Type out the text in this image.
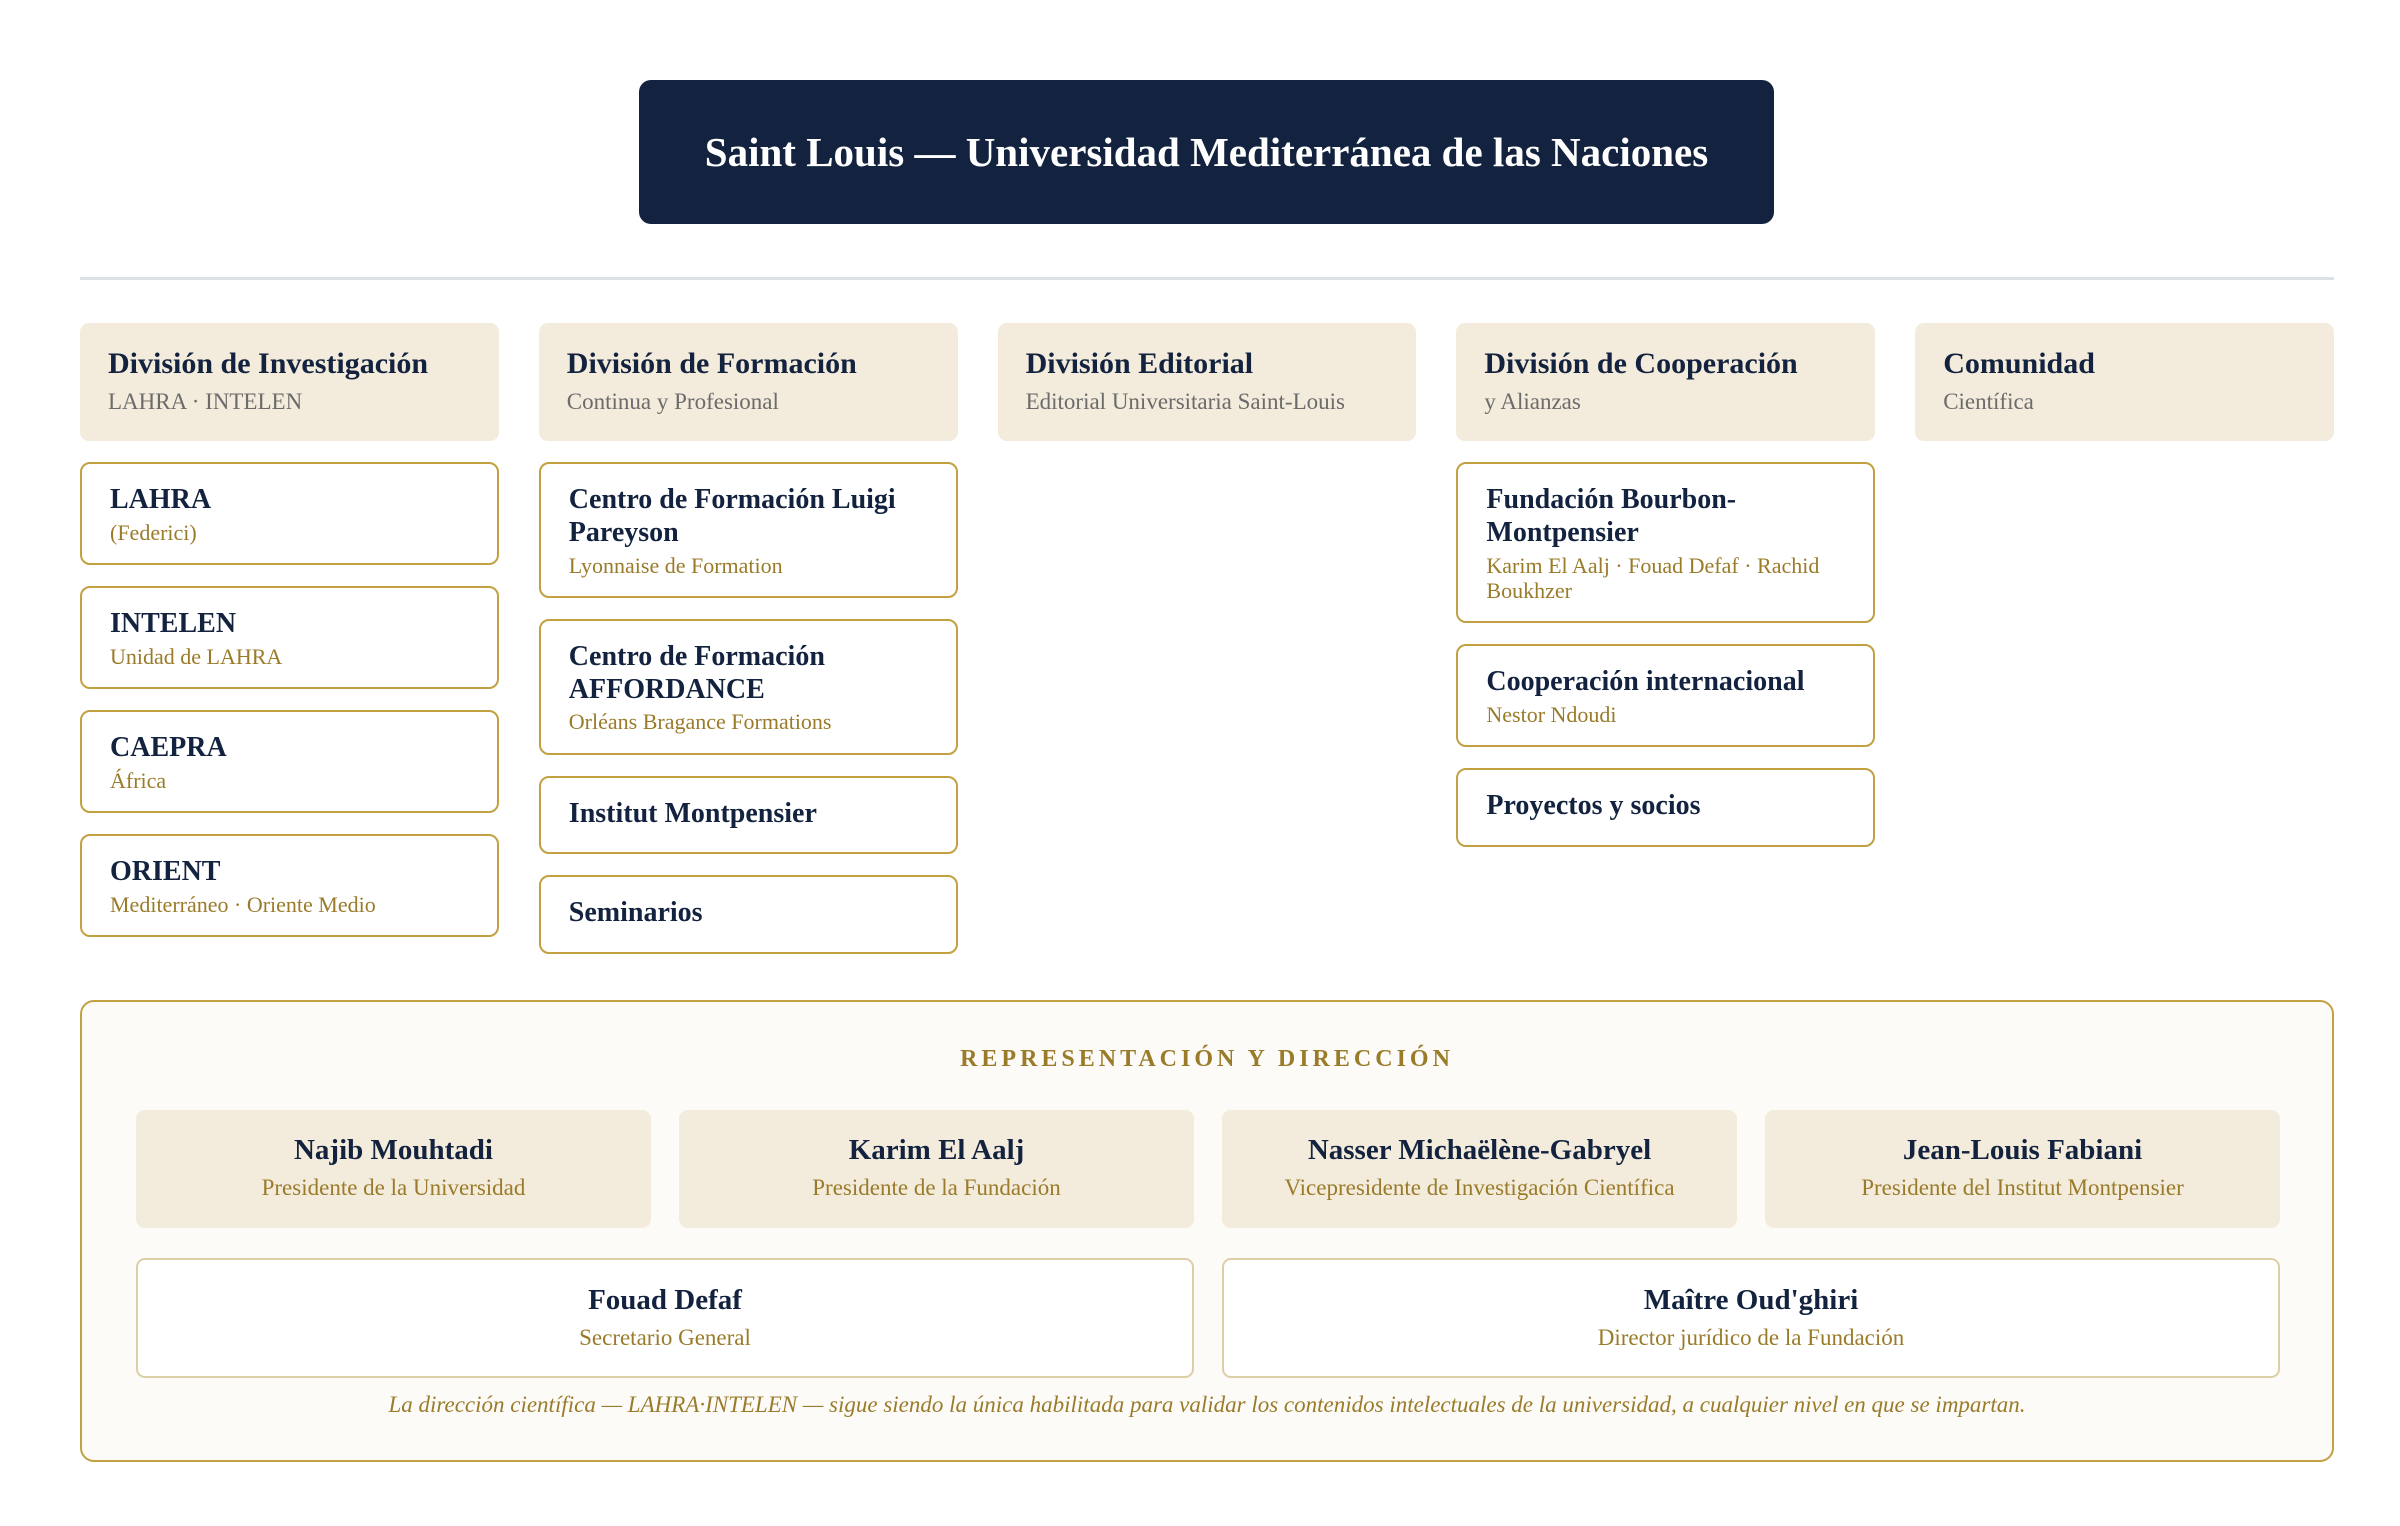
Saint Louis — Universidad Mediterránea de las Naciones
División de Investigación
LAHRA · INTELEN
LAHRA
(Federici)
INTELEN
Unidad de LAHRA
CAEPRA
África
ORIENT
Mediterráneo · Oriente Medio
División de Formación
Continua y Profesional
Centro de Formación Luigi Pareyson
Lyonnaise de Formation
Centro de Formación AFFORDANCE
Orléans Bragance Formations
Institut Montpensier
Seminarios
División Editorial
Editorial Universitaria Saint-Louis
División de Cooperación
y Alianzas
Fundación Bourbon-Montpensier
Karim El Aalj · Fouad Defaf · Rachid Boukhzer
Cooperación internacional
Nestor Ndoudi
Proyectos y socios
Comunidad
Científica
REPRESENTACIÓN Y DIRECCIÓN
Najib Mouhtadi
Presidente de la Universidad
Karim El Aalj
Presidente de la Fundación
Nasser Michaëlène-Gabryel
Vicepresidente de Investigación Científica
Jean-Louis Fabiani
Presidente del Institut Montpensier
Fouad Defaf
Secretario General
Maître Oud'ghiri
Director jurídico de la Fundación
La dirección científica — LAHRA·INTELEN — sigue siendo la única habilitada para validar los contenidos intelectuales de la universidad, a cualquier nivel en que se impartan.
